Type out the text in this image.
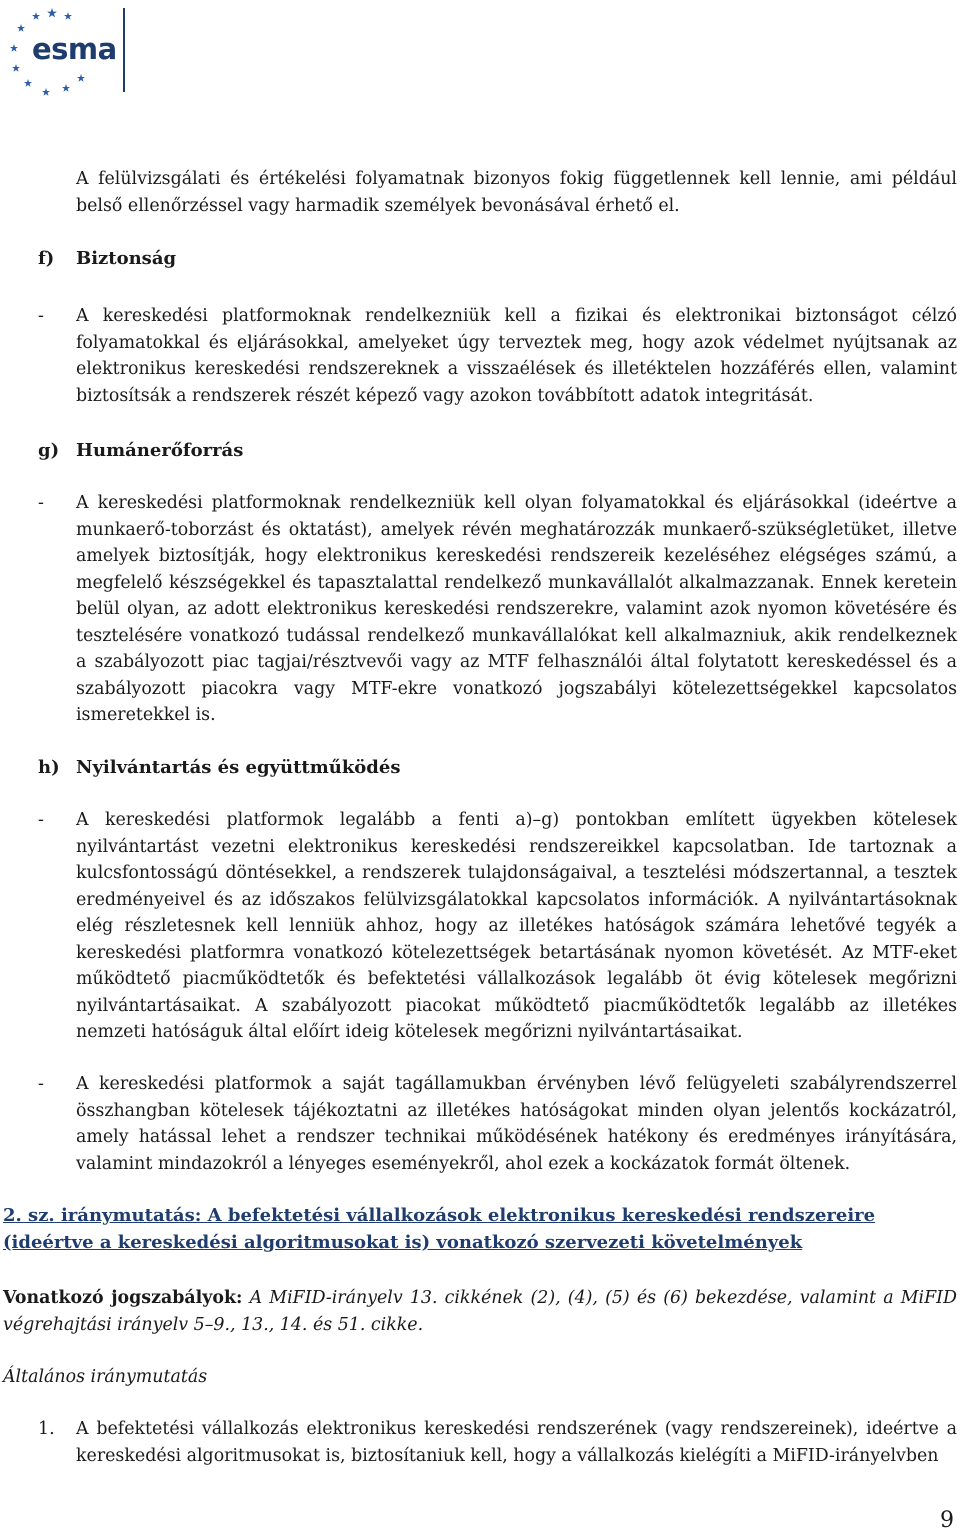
esma

A felülvizsgálati és értékelési folyamatnak bizonyos fokig függetlennek kell lennie, ami például belső ellenőrzéssel vagy harmadik személyek bevonásával érhető el.

f) Biztonság
- A kereskedési platformoknak rendelkezniük kell a fizikai és elektronikai biztonságot célzó folyamatokkal és eljárásokkal, amelyeket úgy terveztek meg, hogy azok védelmet nyújtsanak az elektronikus kereskedési rendszereknek a visszaélések és illetéktelen hozzáférés ellen, valamint biztosítsák a rendszerek részét képező vagy azokon továbbított adatok integritását.
g) Humánerőforrás
- A kereskedési platformoknak rendelkezniük kell olyan folyamatokkal és eljárásokkal (ideértve a munkaerő-toborzást és oktatást), amelyek révén meghatározzák munkaerő-szükségletüket, illetve amelyek biztosítják, hogy elektronikus kereskedési rendszereik kezeléséhez elégséges számú, a megfelelő készségekkel és tapasztalattal rendelkező munkavállalót alkalmazzanak. Ennek keretein belül olyan, az adott elektronikus kereskedési rendszerekre, valamint azok nyomon követésére és tesztelésére vonatkozó tudással rendelkező munkavállalókat kell alkalmazniuk, akik rendelkeznek a szabályozott piac tagjai/résztvevői vagy az MTF felhasználói által folytatott kereskedéssel és a szabályozott piacokra vagy MTF-ekre vonatkozó jogszabályi kötelezettségekkel kapcsolatos ismeretekkel is.
h) Nyilvántartás és együttműködés
- A kereskedési platformok legalább a fenti a)–g) pontokban említett ügyekben kötelesek nyilvántartást vezetni elektronikus kereskedési rendszereikkel kapcsolatban. Ide tartoznak a kulcsfontosságú döntésekkel, a rendszerek tulajdonságaival, a tesztelési módszertannal, a tesztek eredményeivel és az időszakos felülvizsgálatokkal kapcsolatos információk. A nyilvántartásoknak elég részletesnek kell lenniük ahhoz, hogy az illetékes hatóságok számára lehetővé tegyék a kereskedési platformra vonatkozó kötelezettségek betartásának nyomon követését. Az MTF-eket működtető piacműködtetők és befektetési vállalkozások legalább öt évig kötelesek megőrizni nyilvántartásaikat. A szabályozott piacokat működtető piacműködtetők legalább az illetékes nemzeti hatóságuk által előírt ideig kötelesek megőrizni nyilvántartásaikat.
- A kereskedési platformok a saját tagállamukban érvényben lévő felügyeleti szabályrendszerrel összhangban kötelesek tájékoztatni az illetékes hatóságokat minden olyan jelentős kockázatról, amely hatással lehet a rendszer technikai működésének hatékony és eredményes irányítására, valamint mindazokról a lényeges eseményekről, ahol ezek a kockázatok formát öltenek.
2. sz. iránymutatás: A befektetési vállalkozások elektronikus kereskedési rendszereire (ideértve a kereskedési algoritmusokat is) vonatkozó szervezeti követelmények
Vonatkozó jogszabályok: A MiFID-irányelv 13. cikkének (2), (4), (5) és (6) bekezdése, valamint a MiFID végrehajtási irányelv 5–9., 13., 14. és 51. cikke.
Általános iránymutatás
1. A befektetési vállalkozás elektronikus kereskedési rendszerének (vagy rendszereinek), ideértve a kereskedési algoritmusokat is, biztosítaniuk kell, hogy a vállalkozás kielégíti a MiFID-irányelvben
9
